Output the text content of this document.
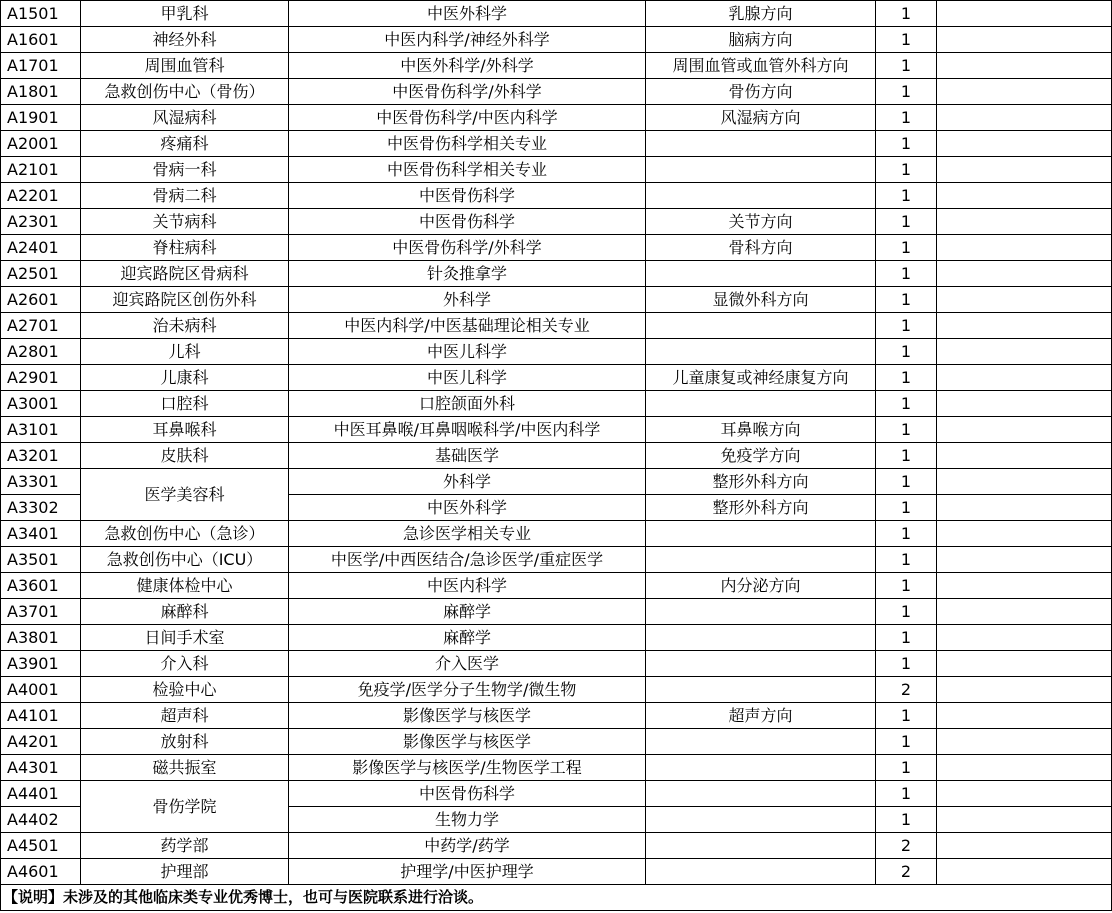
A1501	甲乳科	中医外科学	乳腺方向	1	
A1601	神经外科	中医内科学/神经外科学	脑病方向	1	
A1701	周围血管科	中医外科学/外科学	周围血管或血管外科方向	1	
A1801	急救创伤中心（骨伤）	中医骨伤科学/外科学	骨伤方向	1	
A1901	风湿病科	中医骨伤科学/中医内科学	风湿病方向	1	
A2001	疼痛科	中医骨伤科学相关专业		1	
A2101	骨病一科	中医骨伤科学相关专业		1	
A2201	骨病二科	中医骨伤科学		1	
A2301	关节病科	中医骨伤科学	关节方向	1	
A2401	脊柱病科	中医骨伤科学/外科学	骨科方向	1	
A2501	迎宾路院区骨病科	针灸推拿学		1	
A2601	迎宾路院区创伤外科	外科学	显微外科方向	1	
A2701	治未病科	中医内科学/中医基础理论相关专业		1	
A2801	儿科	中医儿科学		1	
A2901	儿康科	中医儿科学	儿童康复或神经康复方向	1	
A3001	口腔科	口腔颌面外科		1	
A3101	耳鼻喉科	中医耳鼻喉/耳鼻咽喉科学/中医内科学	耳鼻喉方向	1	
A3201	皮肤科	基础医学	免疫学方向	1	
A3301	医学美容科	外科学	整形外科方向	1	
A3302		中医外科学	整形外科方向	1	
A3401	急救创伤中心（急诊）	急诊医学相关专业		1	
A3501	急救创伤中心（ICU）	中医学/中西医结合/急诊医学/重症医学		1	
A3601	健康体检中心	中医内科学	内分泌方向	1	
A3701	麻醉科	麻醉学		1	
A3801	日间手术室	麻醉学		1	
A3901	介入科	介入医学		1	
A4001	检验中心	免疫学/医学分子生物学/微生物		2	
A4101	超声科	影像医学与核医学	超声方向	1	
A4201	放射科	影像医学与核医学		1	
A4301	磁共振室	影像医学与核医学/生物医学工程		1	
A4401	骨伤学院	中医骨伤科学		1	
A4402		生物力学		1	
A4501	药学部	中药学/药学		2	
A4601	护理部	护理学/中医护理学		2	
【说明】未涉及的其他临床类专业优秀博士，也可与医院联系进行洽谈。					
